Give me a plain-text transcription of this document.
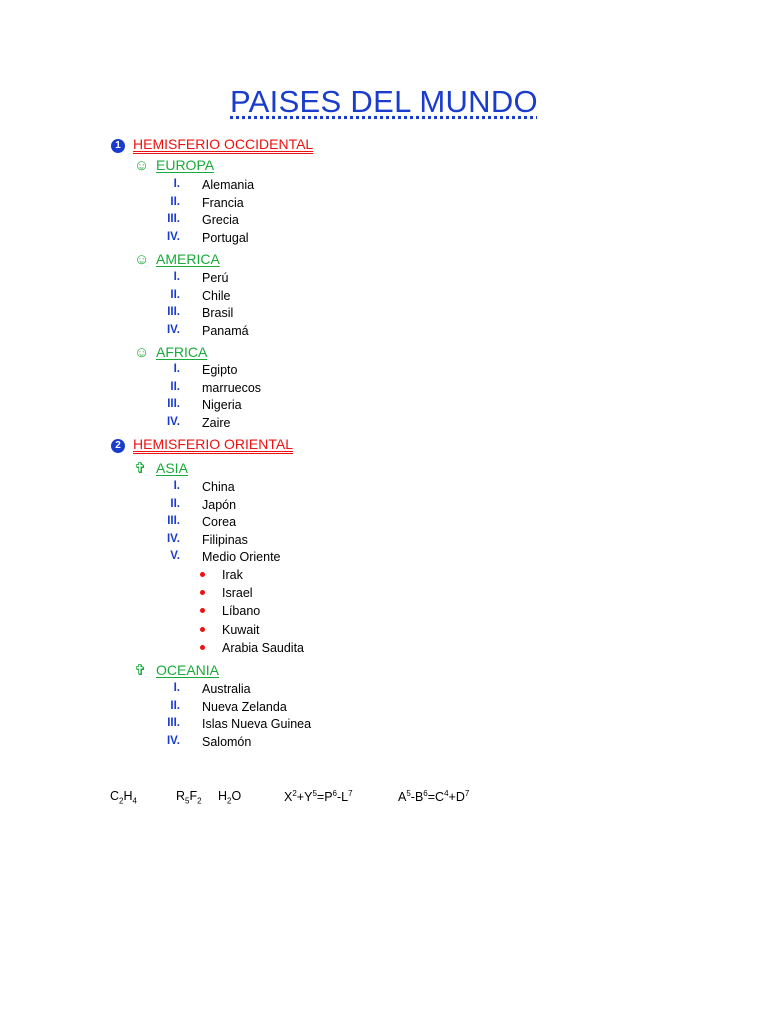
PAISES DEL MUNDO
1 HEMISFERIO OCCIDENTAL
☺ EUROPA
I. Alemania
II. Francia
III. Grecia
IV. Portugal
☺ AMERICA
I. Perú
II. Chile
III. Brasil
IV. Panamá
☺ AFRICA
I. Egipto
II. marruecos
III. Nigeria
IV. Zaire
2 HEMISFERIO ORIENTAL
✞ ASIA
I. China
II. Japón
III. Corea
IV. Filipinas
V. Medio Oriente
Irak
Israel
Líbano
Kuwait
Arabia Saudita
✞ OCEANIA
I. Australia
II. Nueva Zelanda
III. Islas Nueva Guinea
IV. Salomón
$C_2H_4$	$R_5F_2$ $H_2O$	$X^2+Y^5=P^6-L^7$	$A^5-B^6=C^4+D^7$
